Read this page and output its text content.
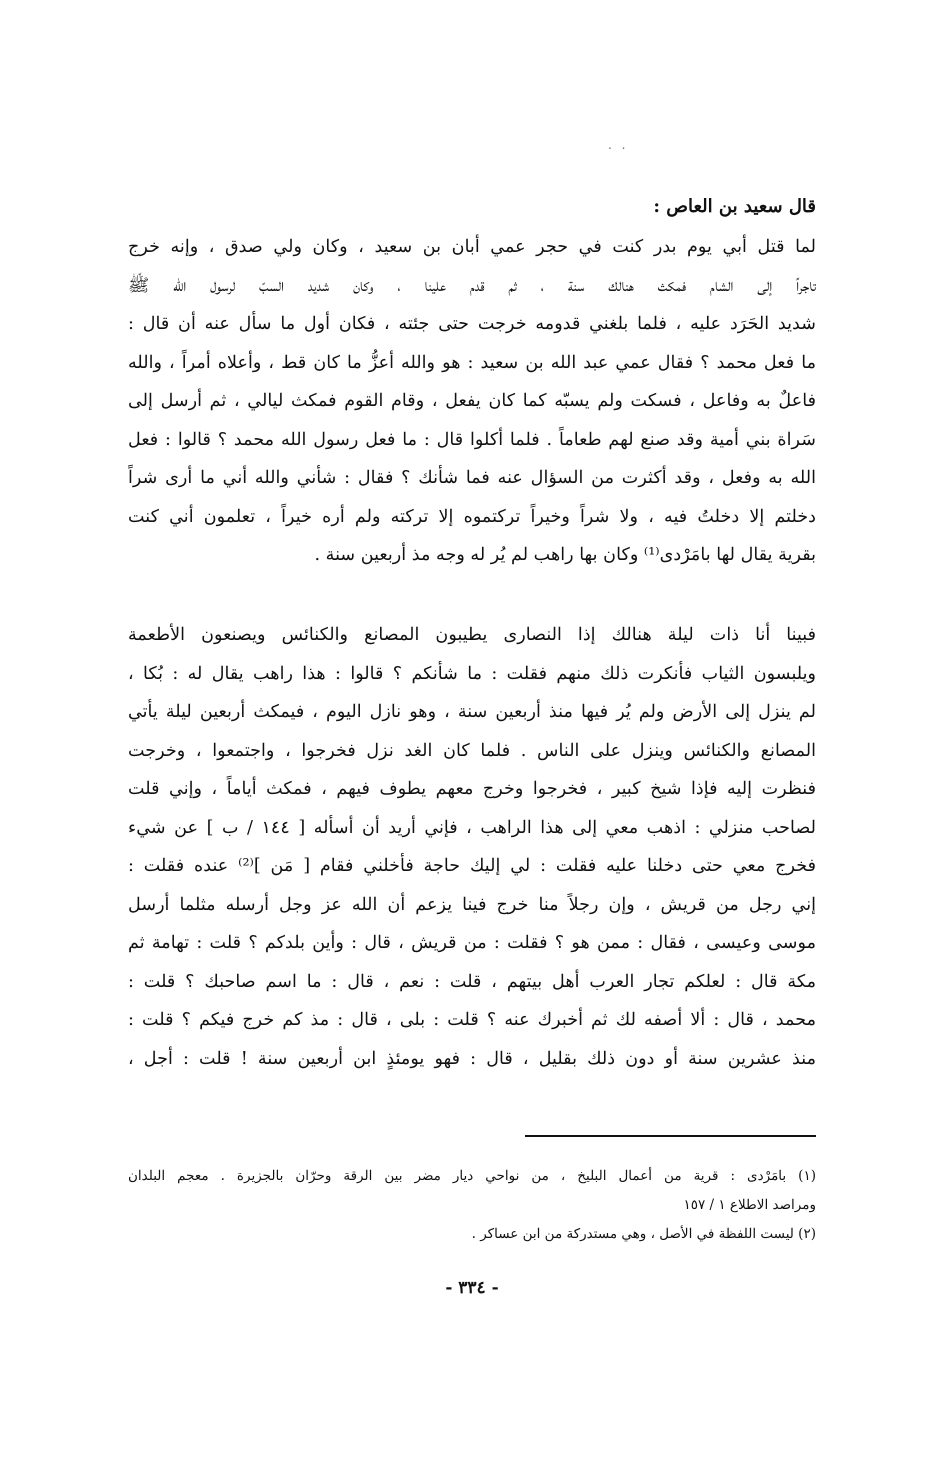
. .
قال سعيد بن العاص :
لما قتل أبي يوم بدر كنت في حجر عمي أبان بن سعيد ، وكان ولي صدق ، وإنه خرج
تاجراً إلى الشام فمكث هنالك سنة ، ثم قدم علينا ، وكان شديد السبّ لرسول الله ﷺ
شديد الحَرَد عليه ، فلما بلغني قدومه خرجت حتى جئته ، فكان أول ما سأل عنه أن قال :
ما فعل محمد ؟ فقال عمي عبد الله بن سعيد : هو والله أعزُّ ما كان قط ، وأعلاه أمراً ، والله
فاعلٌ به وفاعل ، فسكت ولم يسبّه كما كان يفعل ، وقام القوم فمكث ليالي ، ثم أرسل إلى
سَراة بني أمية وقد صنع لهم طعاماً . فلما أكلوا قال : ما فعل رسول الله محمد ؟ قالوا : فعل
الله به وفعل ، وقد أكثرت من السؤال عنه فما شأنك ؟ فقال : شأني والله أني ما أرى شراً
دخلتم إلا دخلتُ فيه ، ولا شراً وخيراً تركتموه إلا تركته ولم أره خيراً ، تعلمون أني كنت
بقرية يقال لها بامَرْدى⁽¹⁾ وكان بها راهب لم يُر له وجه مذ أربعين سنة .
فبينا أنا ذات ليلة هنالك إذا النصارى يطيبون المصانع والكنائس ويصنعون الأطعمة
ويلبسون الثياب فأنكرت ذلك منهم فقلت : ما شأنكم ؟ قالوا : هذا راهب يقال له : بُكا ،
لم ينزل إلى الأرض ولم يُر فيها منذ أربعين سنة ، وهو نازل اليوم ، فيمكث أربعين ليلة يأتي
المصانع والكنائس وينزل على الناس . فلما كان الغد نزل فخرجوا ، واجتمعوا ، وخرجت
فنظرت إليه فإذا شيخ كبير ، فخرجوا وخرج معهم يطوف فيهم ، فمكث أياماً ، وإني قلت
لصاحب منزلي : اذهب معي إلى هذا الراهب ، فإني أريد أن أسأله [ ١٤٤ / ب ] عن شيء
فخرج معي حتى دخلنا عليه فقلت : لي إليك حاجة فأخلني فقام [ مَن ]⁽²⁾ عنده فقلت :
إني رجل من قريش ، وإن رجلاً منا خرج فينا يزعم أن الله عز وجل أرسله مثلما أرسل
موسى وعيسى ، فقال : ممن هو ؟ فقلت : من قريش ، قال : وأين بلدكم ؟ قلت : تهامة ثم
مكة قال : لعلكم تجار العرب أهل بيتهم ، قلت : نعم ، قال : ما اسم صاحبك ؟ قلت :
محمد ، قال : ألا أصفه لك ثم أخبرك عنه ؟ قلت : بلى ، قال : مذ كم خرج فيكم ؟ قلت :
منذ عشرين سنة أو دون ذلك بقليل ، قال : فهو يومئذٍ ابن أربعين سنة ! قلت : أجل ،
(١) بامَرْدى : قرية من أعمال البليخ ، من نواحي ديار مضر بين الرقة وحرّان بالجزيرة . معجم البلدان
ومراصد الاطلاع ١ / ١٥٧
(٢) ليست اللفظة في الأصل ، وهي مستدركة من ابن عساكر .
- ٣٣٤ -
